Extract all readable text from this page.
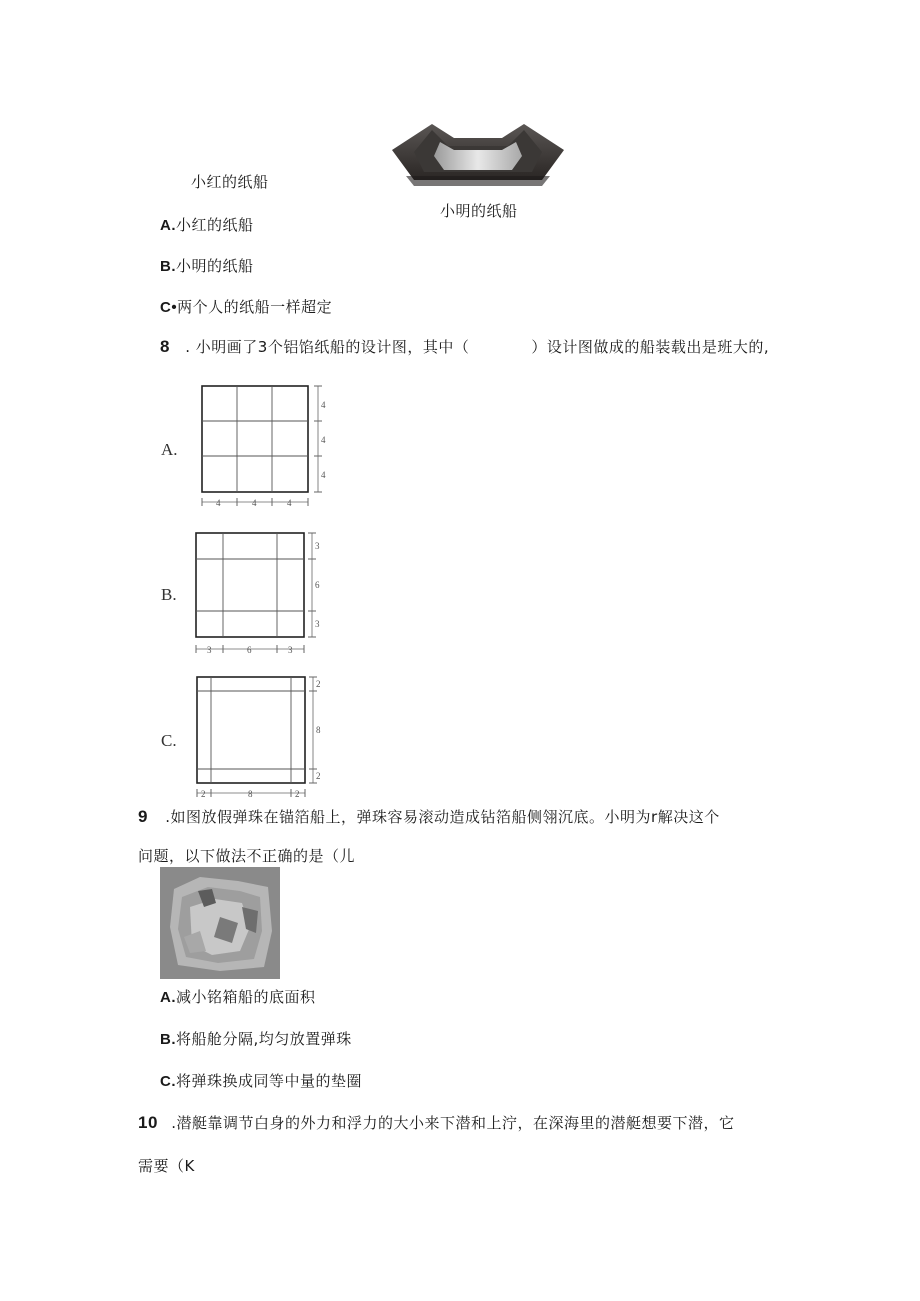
小红的纸船
小明的纸船
A.小红的纸船
B.小明的纸船
C•两个人的纸船一样超定
8 . 小明画了3个铝馅纸船的设计图，其中（　　　　）设计图做成的船装载出是班大的,
A.
4	4	4
4
4
4
B.
3	6	3
3
6
3
C.
2	8	2
2
8
2
9 .如图放假弹珠在锚箔船上，弹珠容易滚动造成钻箔船侧翎沉底。小明为r解决这个
问题，以下做法不正确的是（儿
A.减小铭箱船的底面积
B.将船舱分隔,均匀放置弹珠
C.将弹珠换成同等中量的垫圈
10 .潜艇靠调节白身的外力和浮力的大小来下潜和上泞，在深海里的潜艇想要下潜，它
需要（K
